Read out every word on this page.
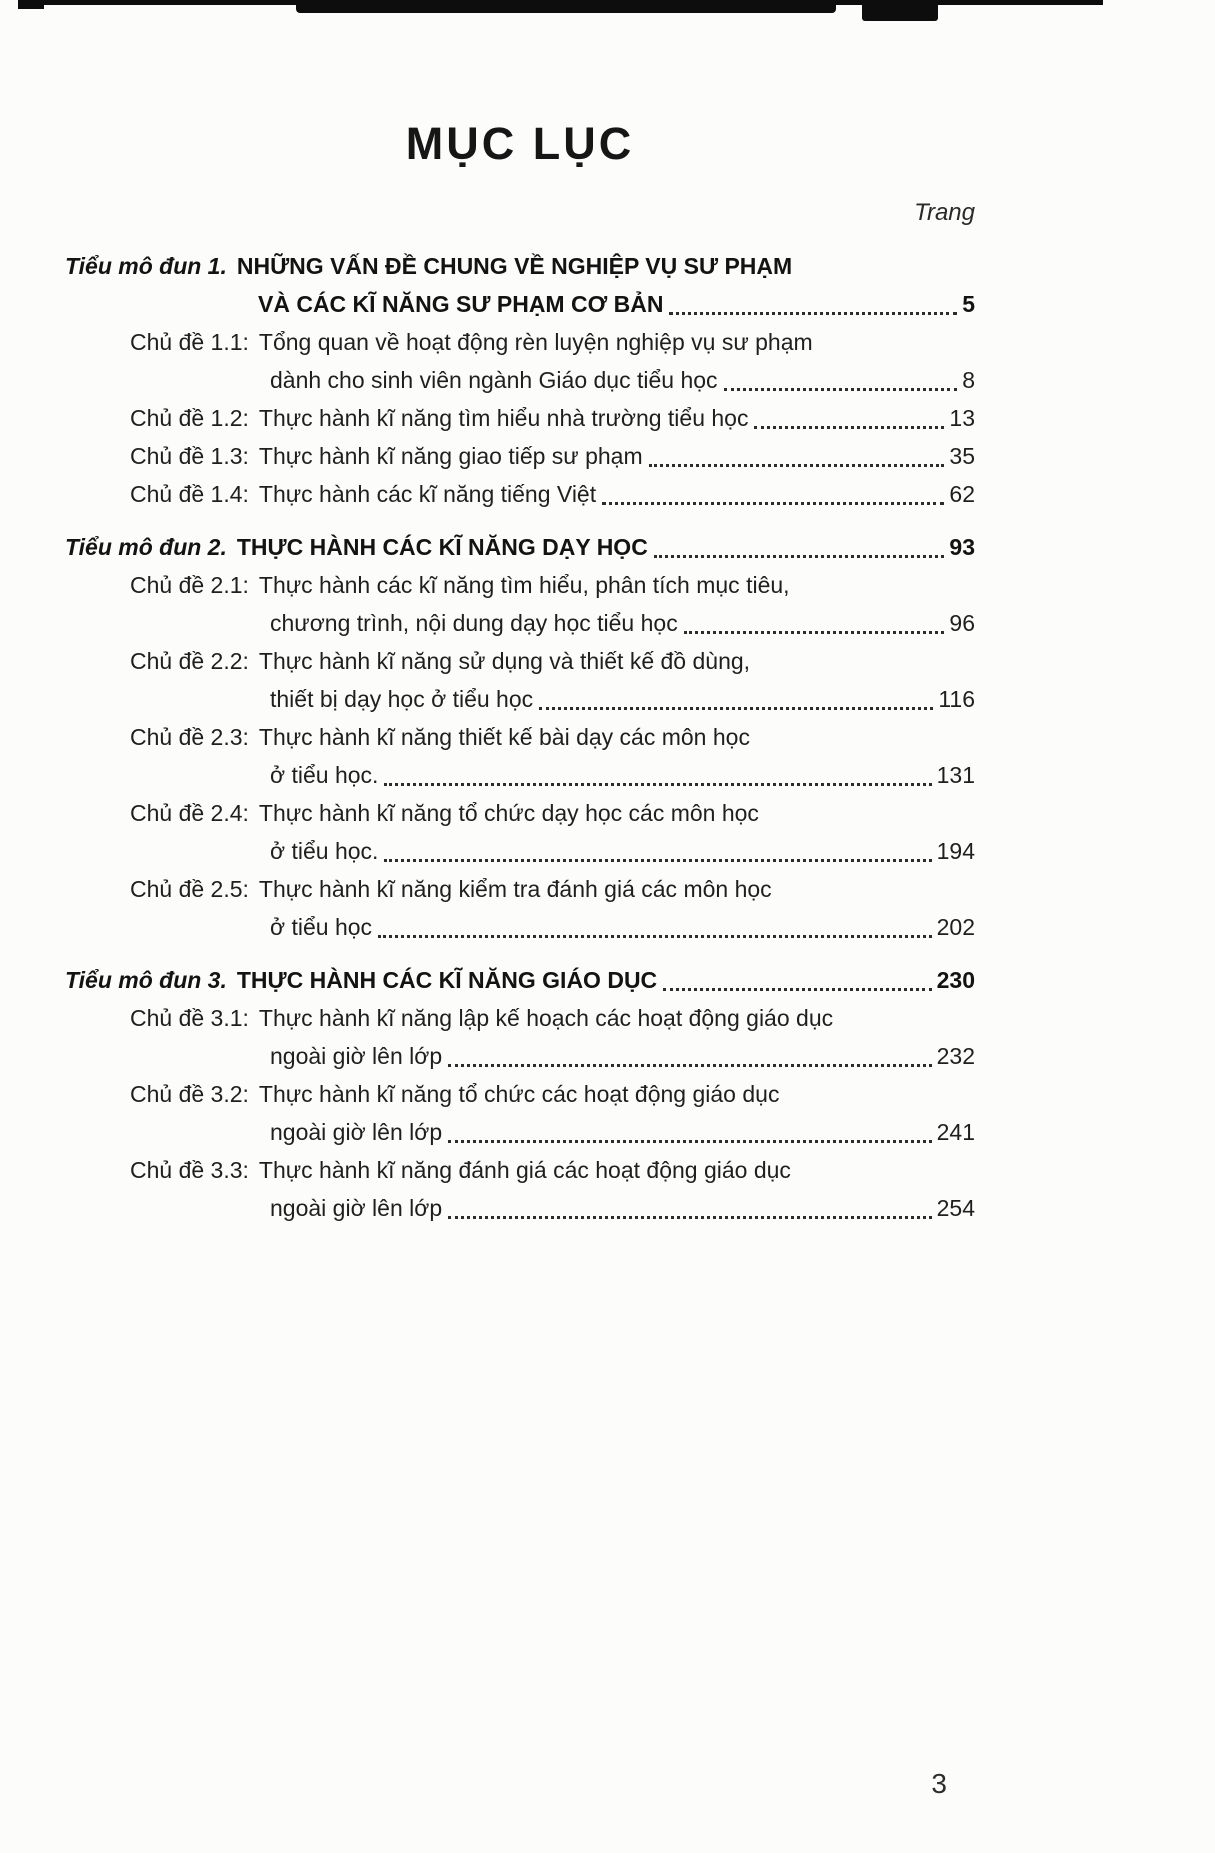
MỤC LỤC
Trang
Tiểu mô đun 1. NHỮNG VẤN ĐỀ CHUNG VỀ NGHIỆP VỤ SƯ PHẠM
VÀ CÁC KĨ NĂNG SƯ PHẠM CƠ BẢN	5
Chủ đề 1.1: Tổng quan về hoạt động rèn luyện nghiệp vụ sư phạm
dành cho sinh viên ngành Giáo dục tiểu học	8
Chủ đề 1.2: Thực hành kĩ năng tìm hiểu nhà trường tiểu học	13
Chủ đề 1.3: Thực hành kĩ năng giao tiếp sư phạm	35
Chủ đề 1.4: Thực hành các kĩ năng tiếng Việt	62
Tiểu mô đun 2. THỰC HÀNH CÁC KĨ NĂNG DẠY HỌC	93
Chủ đề 2.1: Thực hành các kĩ năng tìm hiểu, phân tích mục tiêu,
chương trình, nội dung dạy học tiểu học	96
Chủ đề 2.2: Thực hành kĩ năng sử dụng và thiết kế đồ dùng,
thiết bị dạy học ở tiểu học	116
Chủ đề 2.3: Thực hành kĩ năng thiết kế bài dạy các môn học
ở tiểu học.	131
Chủ đề 2.4: Thực hành kĩ năng tổ chức dạy học các môn học
ở tiểu học.	194
Chủ đề 2.5: Thực hành kĩ năng kiểm tra đánh giá các môn học
ở tiểu học	202
Tiểu mô đun 3. THỰC HÀNH CÁC KĨ NĂNG GIÁO DỤC	230
Chủ đề 3.1: Thực hành kĩ năng lập kế hoạch các hoạt động giáo dục
ngoài giờ lên lớp	232
Chủ đề 3.2: Thực hành kĩ năng tổ chức các hoạt động giáo dục
ngoài giờ lên lớp	241
Chủ đề 3.3: Thực hành kĩ năng đánh giá các hoạt động giáo dục
ngoài giờ lên lớp	254
3
